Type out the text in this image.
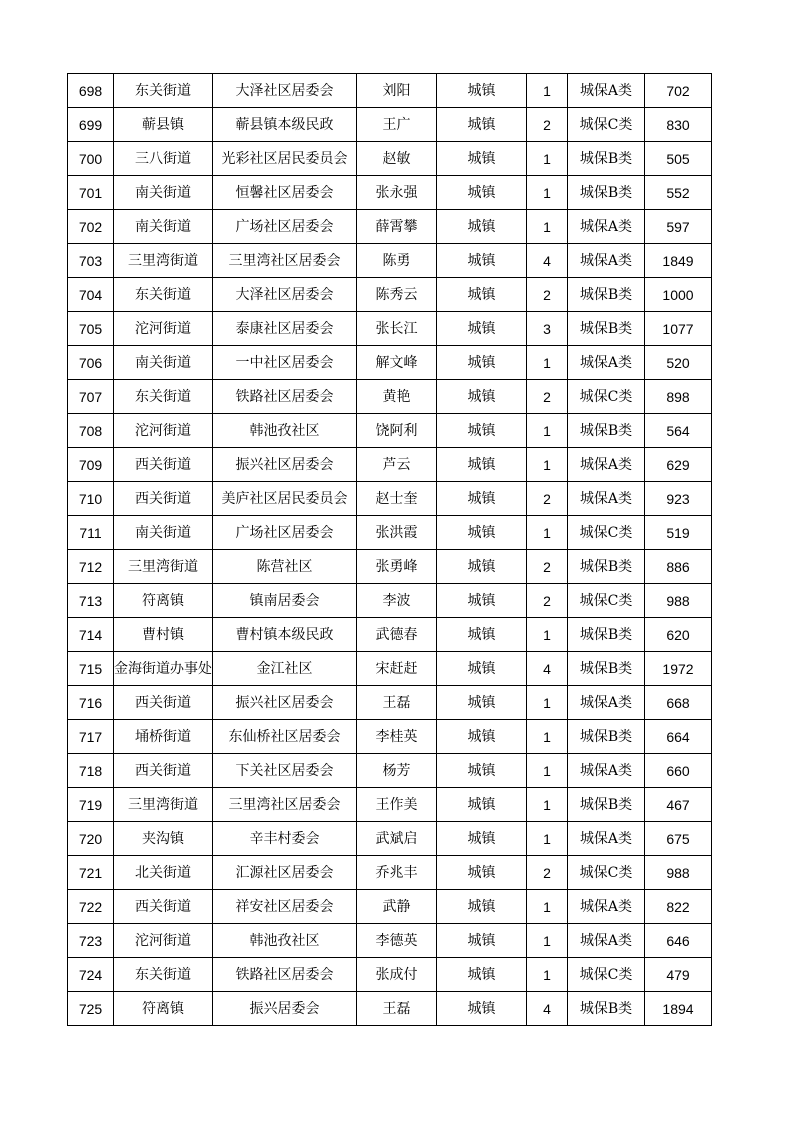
698	东关街道	大泽社区居委会	刘阳	城镇	1	城保A类	702
699	蕲县镇	蕲县镇本级民政	王广	城镇	2	城保C类	830
700	三八街道	光彩社区居民委员会	赵敏	城镇	1	城保B类	505
701	南关街道	恒馨社区居委会	张永强	城镇	1	城保B类	552
702	南关街道	广场社区居委会	薛霄攀	城镇	1	城保A类	597
703	三里湾街道	三里湾社区居委会	陈勇	城镇	4	城保A类	1849
704	东关街道	大泽社区居委会	陈秀云	城镇	2	城保B类	1000
705	沱河街道	泰康社区居委会	张长江	城镇	3	城保B类	1077
706	南关街道	一中社区居委会	解文峰	城镇	1	城保A类	520
707	东关街道	铁路社区居委会	黄艳	城镇	2	城保C类	898
708	沱河街道	韩池孜社区	饶阿利	城镇	1	城保B类	564
709	西关街道	振兴社区居委会	芦云	城镇	1	城保A类	629
710	西关街道	美庐社区居民委员会	赵士奎	城镇	2	城保A类	923
711	南关街道	广场社区居委会	张洪霞	城镇	1	城保C类	519
712	三里湾街道	陈营社区	张勇峰	城镇	2	城保B类	886
713	符离镇	镇南居委会	李波	城镇	2	城保C类	988
714	曹村镇	曹村镇本级民政	武德春	城镇	1	城保B类	620
715	金海街道办事处	金江社区	宋赶赶	城镇	4	城保B类	1972
716	西关街道	振兴社区居委会	王磊	城镇	1	城保A类	668
717	埇桥街道	东仙桥社区居委会	李桂英	城镇	1	城保B类	664
718	西关街道	下关社区居委会	杨芳	城镇	1	城保A类	660
719	三里湾街道	三里湾社区居委会	王作美	城镇	1	城保B类	467
720	夹沟镇	辛丰村委会	武斌启	城镇	1	城保A类	675
721	北关街道	汇源社区居委会	乔兆丰	城镇	2	城保C类	988
722	西关街道	祥安社区居委会	武静	城镇	1	城保A类	822
723	沱河街道	韩池孜社区	李德英	城镇	1	城保A类	646
724	东关街道	铁路社区居委会	张成付	城镇	1	城保C类	479
725	符离镇	振兴居委会	王磊	城镇	4	城保B类	1894
